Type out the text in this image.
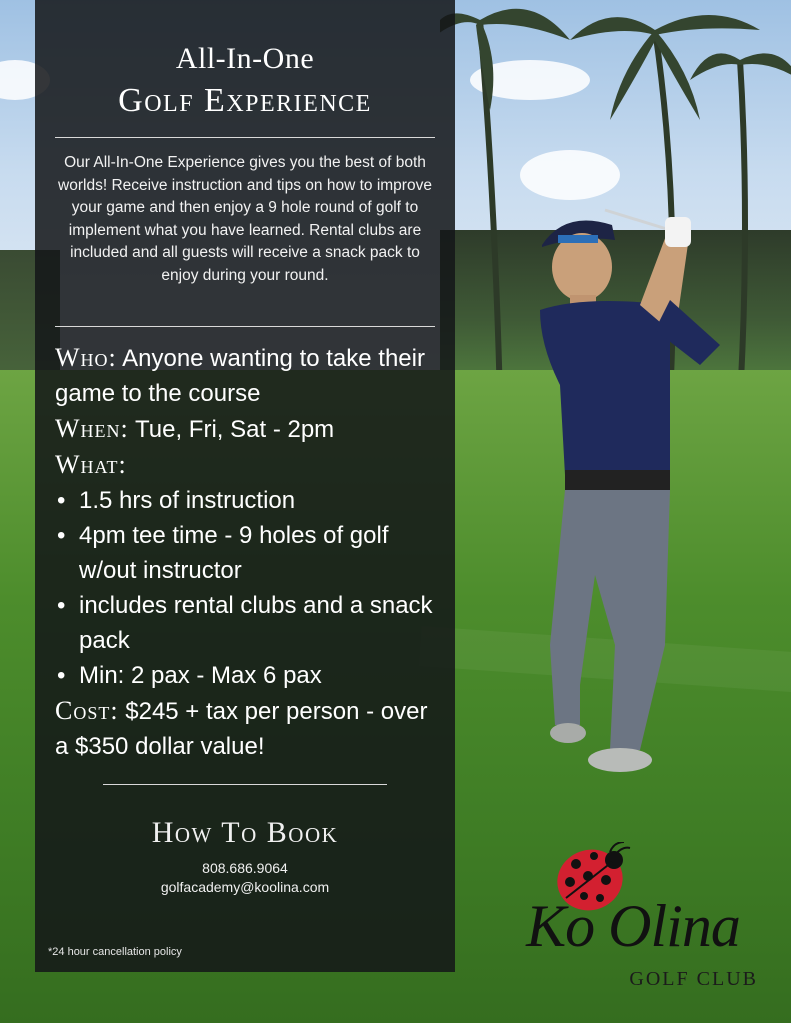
All-In-One
Golf Experience
Our All-In-One Experience gives you the best of both worlds! Receive instruction and tips on how to improve your game and then enjoy a 9 hole round of golf to implement what you have learned. Rental clubs are included and all guests will receive a snack pack to enjoy during your round.
Who: Anyone wanting to take their game to the course
When: Tue, Fri, Sat - 2pm
What:
• 1.5 hrs of instruction
• 4pm tee time - 9 holes of golf w/out instructor
• includes rental clubs and a snack pack
• Min: 2 pax - Max 6 pax
Cost: $245 + tax per person - over a $350 dollar value!
How To Book
808.686.9064
golfacademy@koolina.com
*24 hour cancellation policy	Ko Olina
GOLF CLUB
